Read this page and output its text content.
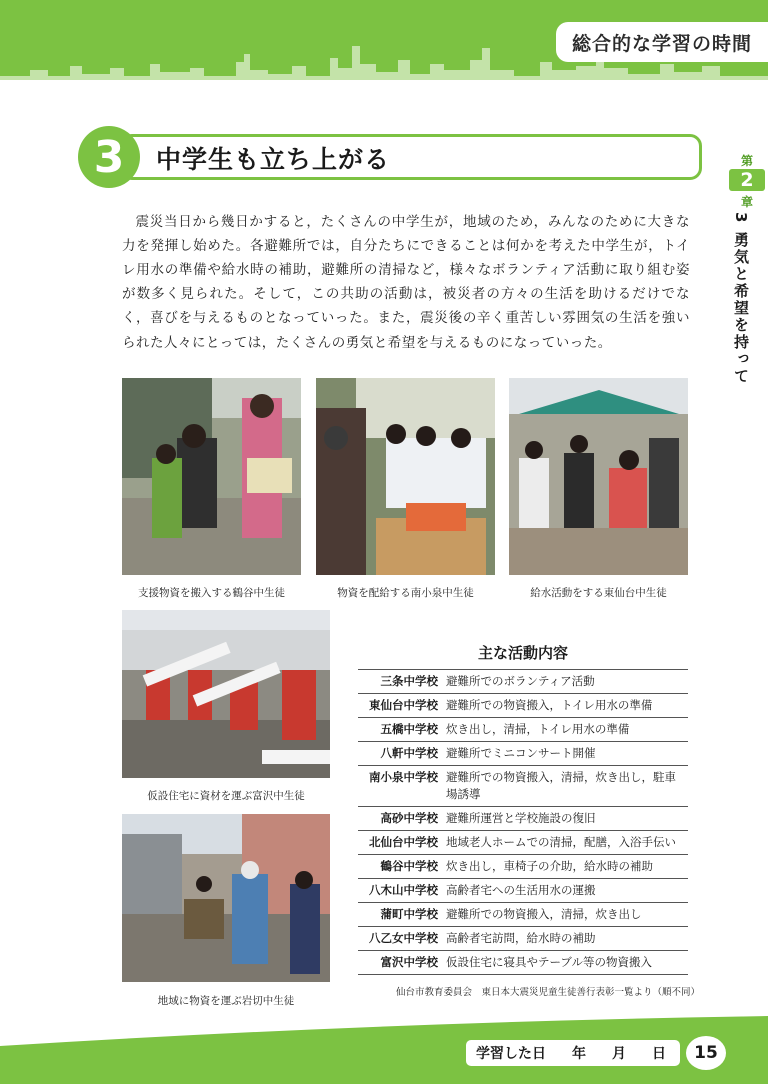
総合的な学習の時間
3	中学生も立ち上がる	第
2
章
3 勇気と希望を持って

震災当日から幾日かすると，たくさんの中学生が，地域のため，みんなのために大きな力を発揮し始めた。各避難所では，自分たちにできることは何かを考えた中学生が，トイレ用水の準備や給水時の補助，避難所の清掃など，様々なボランティア活動に取り組む姿が数多く見られた。そして，この共助の活動は，被災者の方々の生活を助けるだけでなく，喜びを与えるものとなっていった。また，震災後の辛く重苦しい雰囲気の生活を強いられた人々にとっては，たくさんの勇気と希望を与えるものになっていった。

支援物資を搬入する鶴谷中生徒	物資を配給する南小泉中生徒	給水活動をする東仙台中生徒
仮設住宅に資材を運ぶ富沢中生徒
地域に物資を運ぶ岩切中生徒
主な活動内容
三条中学校	避難所でのボランティア活動
東仙台中学校	避難所での物資搬入，トイレ用水の準備
五橋中学校	炊き出し，清掃，トイレ用水の準備
八軒中学校	避難所でミニコンサート開催
南小泉中学校	避難所での物資搬入，清掃，炊き出し，駐車場誘導
高砂中学校	避難所運営と学校施設の復旧
北仙台中学校	地域老人ホームでの清掃，配膳，入浴手伝い
鶴谷中学校	炊き出し，車椅子の介助，給水時の補助
八木山中学校	高齢者宅への生活用水の運搬
蒲町中学校	避難所での物資搬入，清掃，炊き出し
八乙女中学校	高齢者宅訪問，給水時の補助
富沢中学校	仮設住宅に寝具やテーブル等の物資搬入
仙台市教育委員会　東日本大震災児童生徒善行表彰一覧より（順不同）
学習した日 年 月 日	15
